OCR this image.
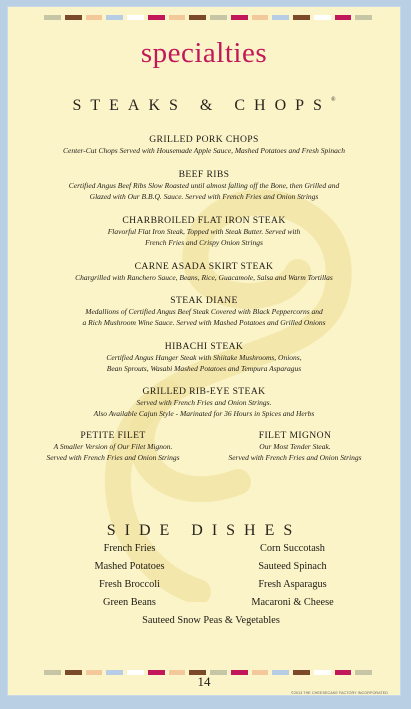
specialties
STEAKS & CHOPS®
GRILLED PORK CHOPS
Center-Cut Chops Served with Housemade Apple Sauce, Mashed Potatoes and Fresh Spinach
BEEF RIBS
Certified Angus Beef Ribs Slow Roasted until almost falling off the Bone, then Grilled and
Glazed with Our B.B.Q. Sauce. Served with French Fries and Onion Strings
CHARBROILED FLAT IRON STEAK
Flavorful Flat Iron Steak, Topped with Steak Butter. Served with
French Fries and Crispy Onion Strings
CARNE ASADA SKIRT STEAK
Chargrilled with Ranchero Sauce, Beans, Rice, Guacamole, Salsa and Warm Tortillas
STEAK DIANE
Medallions of Certified Angus Beef Steak Covered with Black Peppercorns and
a Rich Mushroom Wine Sauce. Served with Mashed Potatoes and Grilled Onions
HIBACHI STEAK
Certified Angus Hanger Steak with Shiitake Mushrooms, Onions,
Bean Sprouts, Wasabi Mashed Potatoes and Tempura Asparagus
GRILLED RIB-EYE STEAK
Served with French Fries and Onion Strings.
Also Available Cajun Style - Marinated for 36 Hours in Spices and Herbs
PETITE FILET
A Smaller Version of Our Filet Mignon.
Served with French Fries and Onion Strings
FILET MIGNON
Our Most Tender Steak.
Served with French Fries and Onion Strings
SIDE DISHES
French Fries	Corn Succotash
Mashed Potatoes	Sauteed Spinach
Fresh Broccoli	Fresh Asparagus
Green Beans	Macaroni & Cheese
Sauteed Snow Peas & Vegetables
14
©2013 THE CHEESECAKE FACTORY INCORPORATED
